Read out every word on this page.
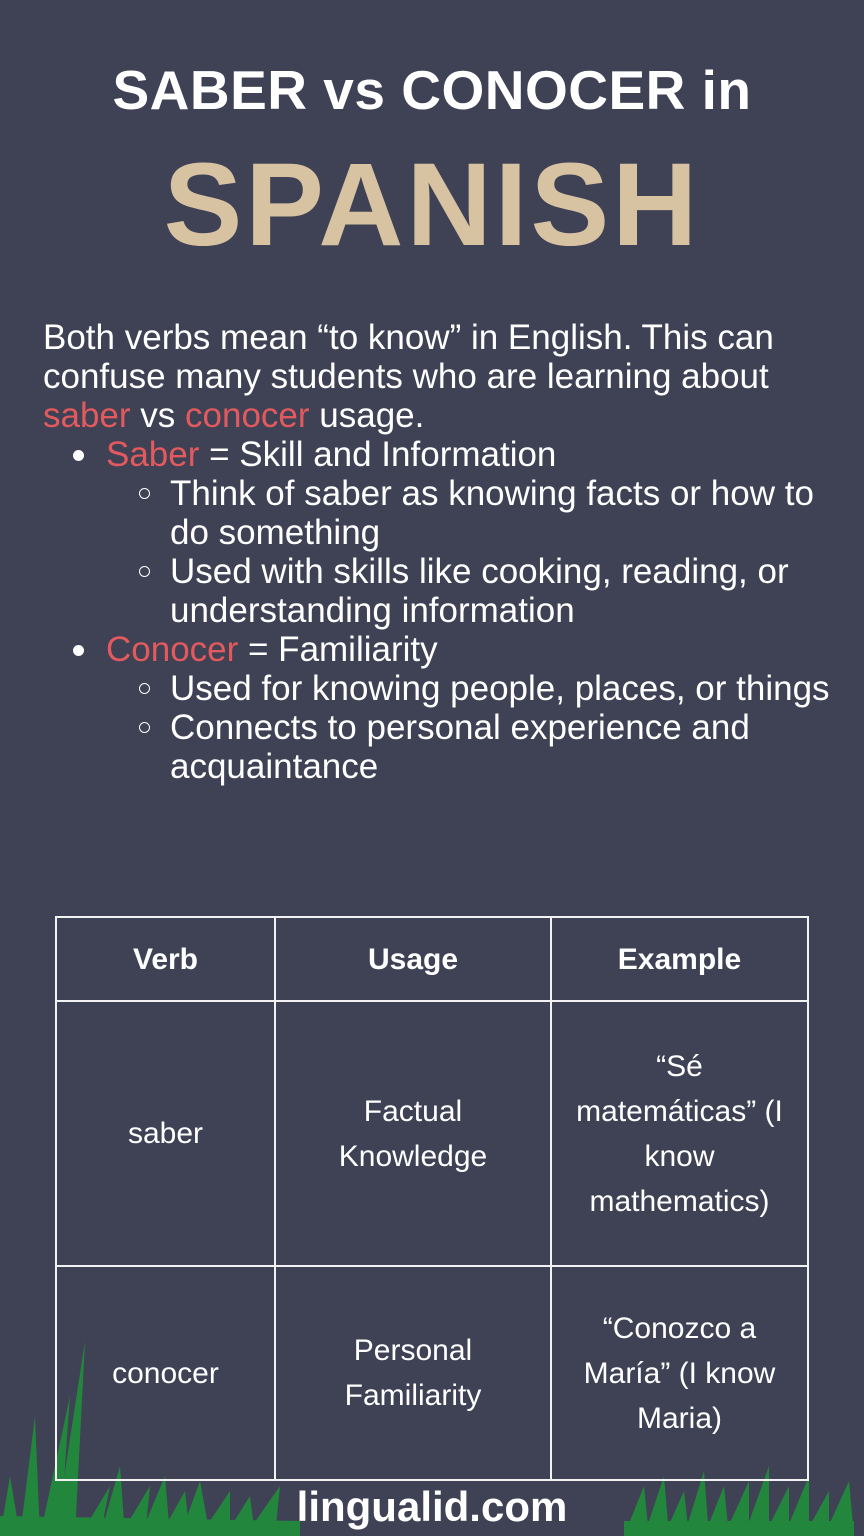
SABER vs CONOCER in
SPANISH
Both verbs mean “to know” in English. This can confuse many students who are learning about saber vs conocer usage.
Saber = Skill and Information
Think of saber as knowing facts or how to do something
Used with skills like cooking, reading, or understanding information
Conocer = Familiarity
Used for knowing people, places, or things
Connects to personal experience and acquaintance
Verb	Usage	Example
saber	Factual Knowledge	“Sé matemáticas” (I know mathematics)
conocer	Personal Familiarity	“Conozco a María” (I know Maria)
lingualid.com
